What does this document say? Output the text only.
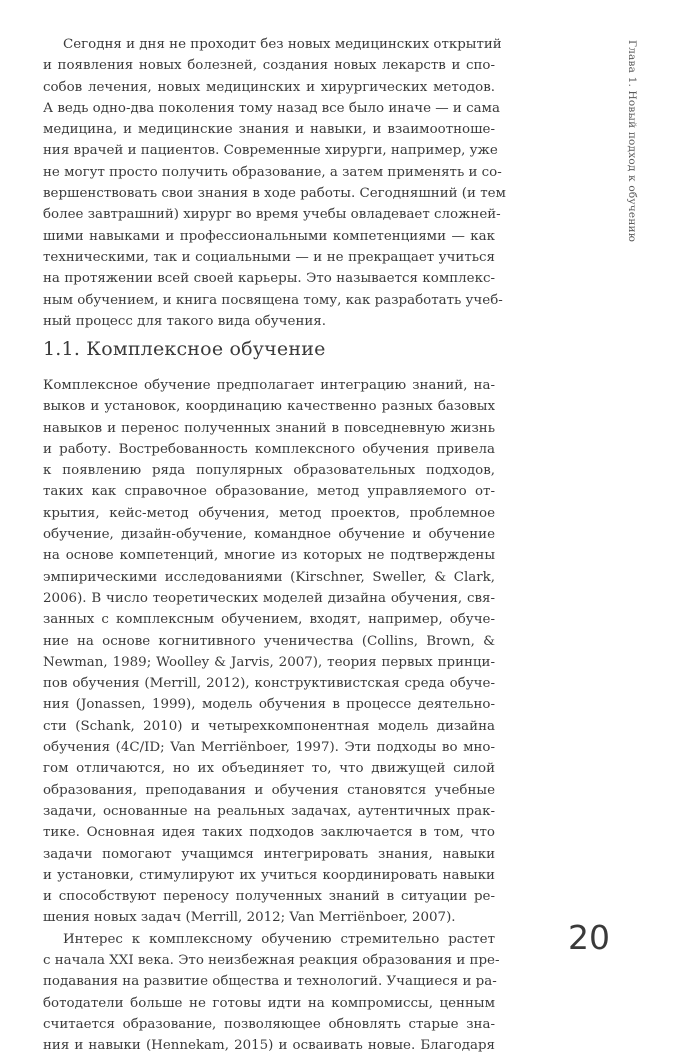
Глава 1. Новый подход к обучению
Сегодня и дня не проходит без новых медицинских открытий
и появления новых болезней, создания новых лекарств и спо-
собов лечения, новых медицинских и хирургических методов.
А ведь одно-два поколения тому назад все было иначе — и сама
медицина, и медицинские знания и навыки, и взаимоотноше-
ния врачей и пациентов. Современные хирурги, например, уже
не могут просто получить образование, а затем применять и со-
вершенствовать свои знания в ходе работы. Сегодняшний (и тем
более завтрашний) хирург во время учебы овладевает сложней-
шими навыками и профессиональными компетенциями — как
техническими, так и социальными — и не прекращает учиться
на протяжении всей своей карьеры. Это называется комплекс-
ным обучением, и книга посвящена тому, как разработать учеб-
ный процесс для такого вида обучения.
1.1. Комплексное обучение
Комплексное обучение предполагает интеграцию знаний, на-
выков и установок, координацию качественно разных базовых
навыков и перенос полученных знаний в повседневную жизнь
и работу. Востребованность комплексного обучения привела
к появлению ряда популярных образовательных подходов,
таких как справочное образование, метод управляемого от-
крытия, кейс-метод обучения, метод проектов, проблемное
обучение, дизайн-обучение, командное обучение и обучение
на основе компетенций, многие из которых не подтверждены
эмпирическими исследованиями (Kirschner, Sweller, & Clark,
2006). В число теоретических моделей дизайна обучения, свя-
занных с комплексным обучением, входят, например, обуче-
ние на основе когнитивного ученичества (Collins, Brown, &
Newman, 1989; Woolley & Jarvis, 2007), теория первых принци-
пов обучения (Merrill, 2012), конструктивистская среда обуче-
ния (Jonassen, 1999), модель обучения в процессе деятельно-
сти (Schank, 2010) и четырехкомпонентная модель дизайна
обучения (4C/ID; Van Merriënboer, 1997). Эти подходы во мно-
гом отличаются, но их объединяет то, что движущей силой
образования, преподавания и обучения становятся учебные
задачи, основанные на реальных задачах, аутентичных прак-
тике. Основная идея таких подходов заключается в том, что
задачи помогают учащимся интегрировать знания, навыки
и установки, стимулируют их учиться координировать навыки
и способствуют переносу полученных знаний в ситуации ре-
шения новых задач (Merrill, 2012; Van Merriënboer, 2007).
Интерес к комплексному обучению стремительно растет
с начала XXI века. Это неизбежная реакция образования и пре-
подавания на развитие общества и технологий. Учащиеся и ра-
ботодатели больше не готовы идти на компромиссы, ценным
считается образование, позволяющее обновлять старые зна-
ния и навыки (Hennekam, 2015) и осваивать новые. Благодаря
20
